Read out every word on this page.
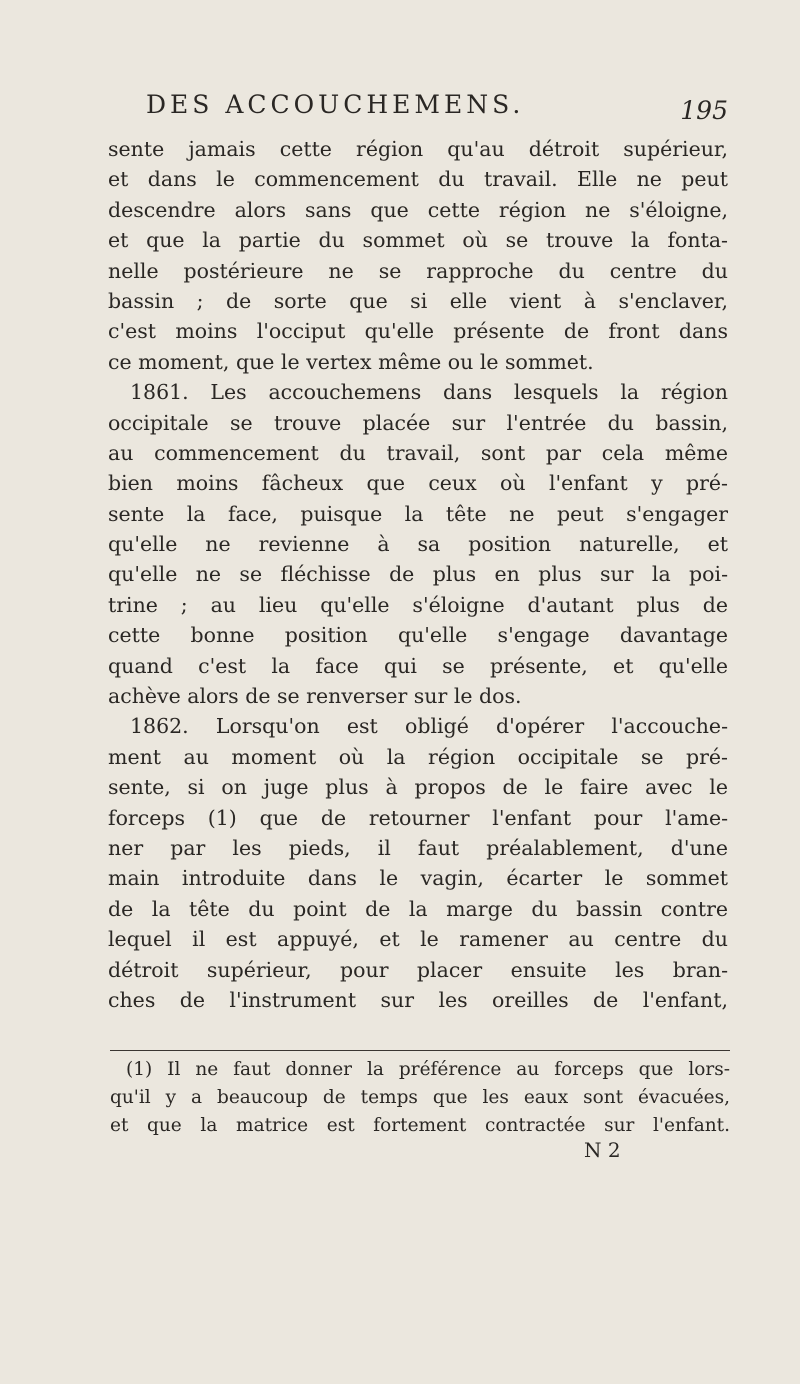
DES ACCOUCHEMENS.	195
sente jamais cette région qu'au détroit supérieur,
et dans le commencement du travail. Elle ne peut
descendre alors sans que cette région ne s'éloigne,
et que la partie du sommet où se trouve la fonta-
nelle postérieure ne se rapproche du centre du
bassin ; de sorte que si elle vient à s'enclaver,
c'est moins l'occiput qu'elle présente de front dans
ce moment, que le vertex même ou le sommet.
1861. Les accouchemens dans lesquels la région
occipitale se trouve placée sur l'entrée du bassin,
au commencement du travail, sont par cela même
bien moins fâcheux que ceux où l'enfant y pré-
sente la face, puisque la tête ne peut s'engager
qu'elle ne revienne à sa position naturelle, et
qu'elle ne se fléchisse de plus en plus sur la poi-
trine ; au lieu qu'elle s'éloigne d'autant plus de
cette bonne position qu'elle s'engage davantage
quand c'est la face qui se présente, et qu'elle
achève alors de se renverser sur le dos.
1862. Lorsqu'on est obligé d'opérer l'accouche-
ment au moment où la région occipitale se pré-
sente, si on juge plus à propos de le faire avec le
forceps (1) que de retourner l'enfant pour l'ame-
ner par les pieds, il faut préalablement, d'une
main introduite dans le vagin, écarter le sommet
de la tête du point de la marge du bassin contre
lequel il est appuyé, et le ramener au centre du
détroit supérieur, pour placer ensuite les bran-
ches de l'instrument sur les oreilles de l'enfant,
(1) Il ne faut donner la préférence au forceps que lors-
qu'il y a beaucoup de temps que les eaux sont évacuées,
et que la matrice est fortement contractée sur l'enfant.
N 2
